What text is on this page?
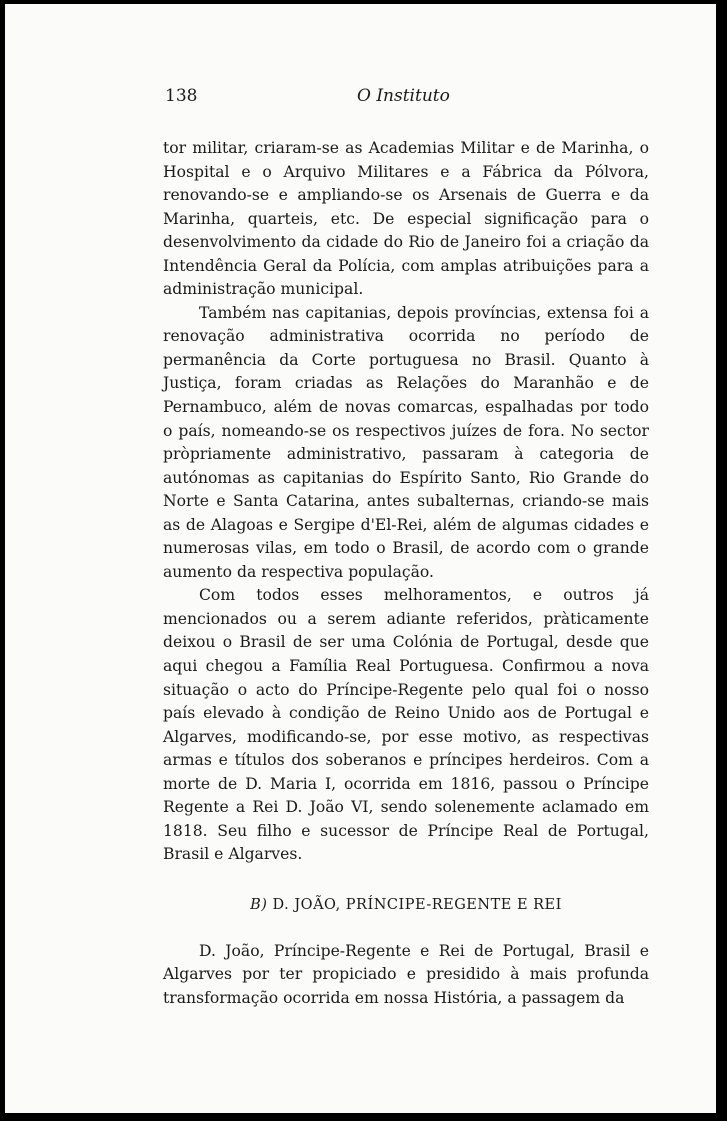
138	O Instituto

tor militar, criaram-se as Academias Militar e de Marinha, o Hospital e o Arquivo Militares e a Fábrica da Pólvora, renovando-se e ampliando-se os Arsenais de Guerra e da Marinha, quarteis, etc. De especial significação para o desenvolvimento da cidade do Rio de Janeiro foi a criação da Intendência Geral da Polícia, com amplas atribuições para a administração municipal.

Também nas capitanias, depois províncias, extensa foi a renovação administrativa ocorrida no período de permanência da Corte portuguesa no Brasil. Quanto à Justiça, foram criadas as Relações do Maranhão e de Pernambuco, além de novas comarcas, espalhadas por todo o país, nomeando-se os respectivos juízes de fora. No sector pròpriamente administrativo, passaram à categoria de autónomas as capitanias do Espírito Santo, Rio Grande do Norte e Santa Catarina, antes subalternas, criando-se mais as de Alagoas e Sergipe d'El-Rei, além de algumas cidades e numerosas vilas, em todo o Brasil, de acordo com o grande aumento da respectiva população.

Com todos esses melhoramentos, e outros já mencionados ou a serem adiante referidos, pràticamente deixou o Brasil de ser uma Colónia de Portugal, desde que aqui chegou a Família Real Portuguesa. Confirmou a nova situação o acto do Príncipe-Regente pelo qual foi o nosso país elevado à condição de Reino Unido aos de Portugal e Algarves, modificando-se, por esse motivo, as respectivas armas e títulos dos soberanos e príncipes herdeiros. Com a morte de D. Maria I, ocorrida em 1816, passou o Príncipe Regente a Rei D. João VI, sendo solenemente aclamado em 1818. Seu filho e sucessor de Príncipe Real de Portugal, Brasil e Algarves.

B) D. JOÃO, PRÍNCIPE-REGENTE E REI

D. João, Príncipe-Regente e Rei de Portugal, Brasil e Algarves por ter propiciado e presidido à mais profunda transformação ocorrida em nossa História, a passagem da
